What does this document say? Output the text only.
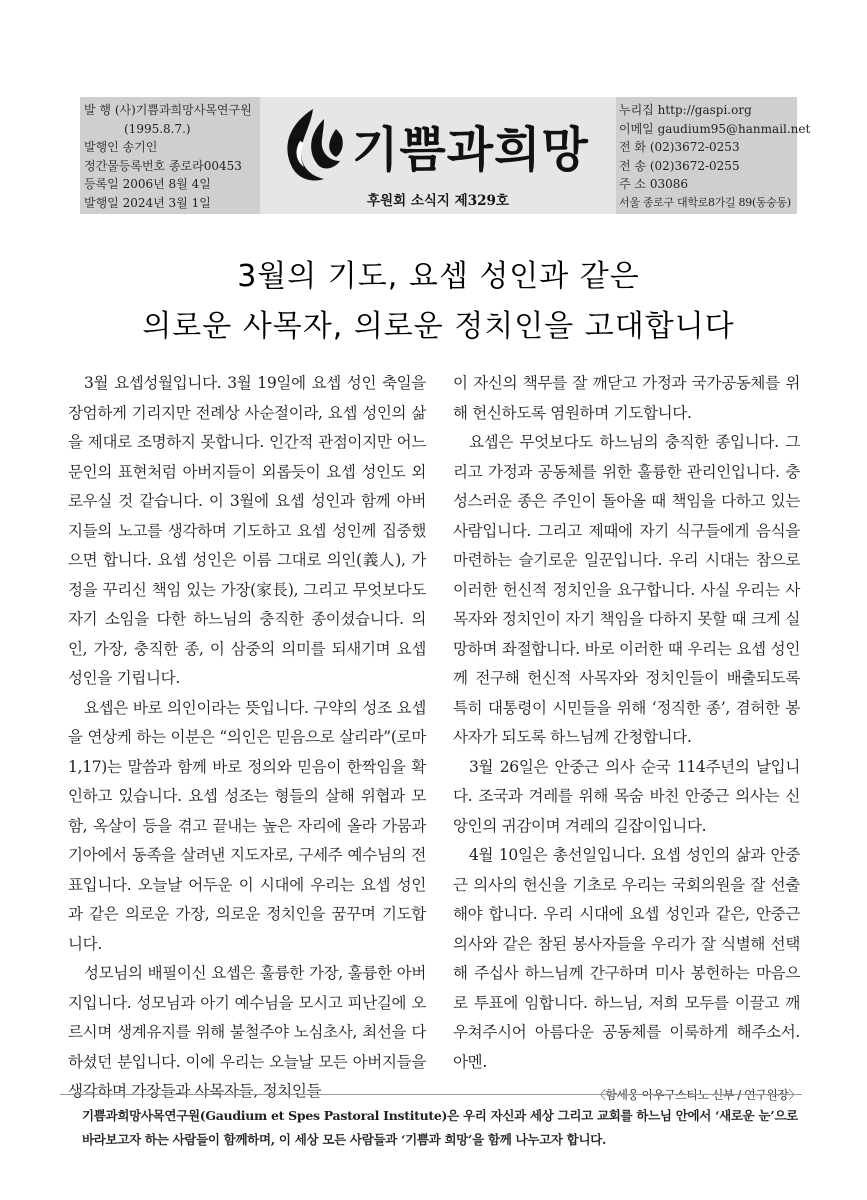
발 행 (사)기쁨과희망사목연구원
(1995.8.7.)
발행인 송기인
정간물등록번호 종로라00453
등록일 2006년 8월 4일
발행일 2024년 3월 1일
기쁨과희망
후원회 소식지 제329호
누리집 http://gaspi.org
이메일 gaudium95@hanmail.net
전 화 (02)3672-0253
전 송 (02)3672-0255
주 소 03086
서울 종로구 대학로8가길 89(동숭동)
3월의 기도, 요셉 성인과 같은
의로운 사목자, 의로운 정치인을 고대합니다

3월 요셉성월입니다. 3월 19일에 요셉 성인 축일을 장엄하게 기리지만 전례상 사순절이라, 요셉 성인의 삶을 제대로 조명하지 못합니다. 인간적 관점이지만 어느 문인의 표현처럼 아버지들이 외롭듯이 요셉 성인도 외로우실 것 같습니다. 이 3월에 요셉 성인과 함께 아버지들의 노고를 생각하며 기도하고 요셉 성인께 집중했으면 합니다. 요셉 성인은 이름 그대로 의인(義人), 가정을 꾸리신 책임 있는 가장(家長), 그리고 무엇보다도 자기 소임을 다한 하느님의 충직한 종이셨습니다. 의인, 가장, 충직한 종, 이 삼중의 의미를 되새기며 요셉 성인을 기립니다.

요셉은 바로 의인이라는 뜻입니다. 구약의 성조 요셉을 연상케 하는 이분은 “의인은 믿음으로 살리라”(로마 1,17)는 말씀과 함께 바로 정의와 믿음이 한짝임을 확인하고 있습니다. 요셉 성조는 형들의 살해 위협과 모함, 옥살이 등을 겪고 끝내는 높은 자리에 올라 가뭄과 기아에서 동족을 살려낸 지도자로, 구세주 예수님의 전표입니다. 오늘날 어두운 이 시대에 우리는 요셉 성인과 같은 의로운 가장, 의로운 정치인을 꿈꾸며 기도합니다.

성모님의 배필이신 요셉은 훌륭한 가장, 훌륭한 아버지입니다. 성모님과 아기 예수님을 모시고 피난길에 오르시며 생계유지를 위해 불철주야 노심초사, 최선을 다하셨던 분입니다. 이에 우리는 오늘날 모든 아버지들을 생각하며 가장들과 사목자들, 정치인들

이 자신의 책무를 잘 깨닫고 가정과 국가공동체를 위해 헌신하도록 염원하며 기도합니다.

요셉은 무엇보다도 하느님의 충직한 종입니다. 그리고 가정과 공동체를 위한 훌륭한 관리인입니다. 충성스러운 종은 주인이 돌아올 때 책임을 다하고 있는 사람입니다. 그리고 제때에 자기 식구들에게 음식을 마련하는 슬기로운 일꾼입니다. 우리 시대는 참으로 이러한 헌신적 정치인을 요구합니다. 사실 우리는 사목자와 정치인이 자기 책임을 다하지 못할 때 크게 실망하며 좌절합니다. 바로 이러한 때 우리는 요셉 성인께 전구해 헌신적 사목자와 정치인들이 배출되도록 특히 대통령이 시민들을 위해 ‘정직한 종’, 겸허한 봉사자가 되도록 하느님께 간청합니다.

3월 26일은 안중근 의사 순국 114주년의 날입니다. 조국과 겨레를 위해 목숨 바친 안중근 의사는 신앙인의 귀감이며 겨레의 길잡이입니다.

4월 10일은 총선일입니다. 요셉 성인의 삶과 안중근 의사의 헌신을 기초로 우리는 국회의원을 잘 선출해야 합니다. 우리 시대에 요셉 성인과 같은, 안중근 의사와 같은 참된 봉사자들을 우리가 잘 식별해 선택해 주십사 하느님께 간구하며 미사 봉헌하는 마음으로 투표에 임합니다. 하느님, 저희 모두를 이끌고 깨우쳐주시어 아름다운 공동체를 이룩하게 해주소서. 아멘.

〈함세웅 아우구스티노 신부 / 연구원장〉
기쁨과희망사목연구원(Gaudium et Spes Pastoral Institute)은 우리 자신과 세상 그리고 교회를 하느님 안에서 ‘새로운 눈’으로 바라보고자 하는 사람들이 함께하며, 이 세상 모든 사람들과 ‘기쁨과 희망’을 함께 나누고자 합니다.
